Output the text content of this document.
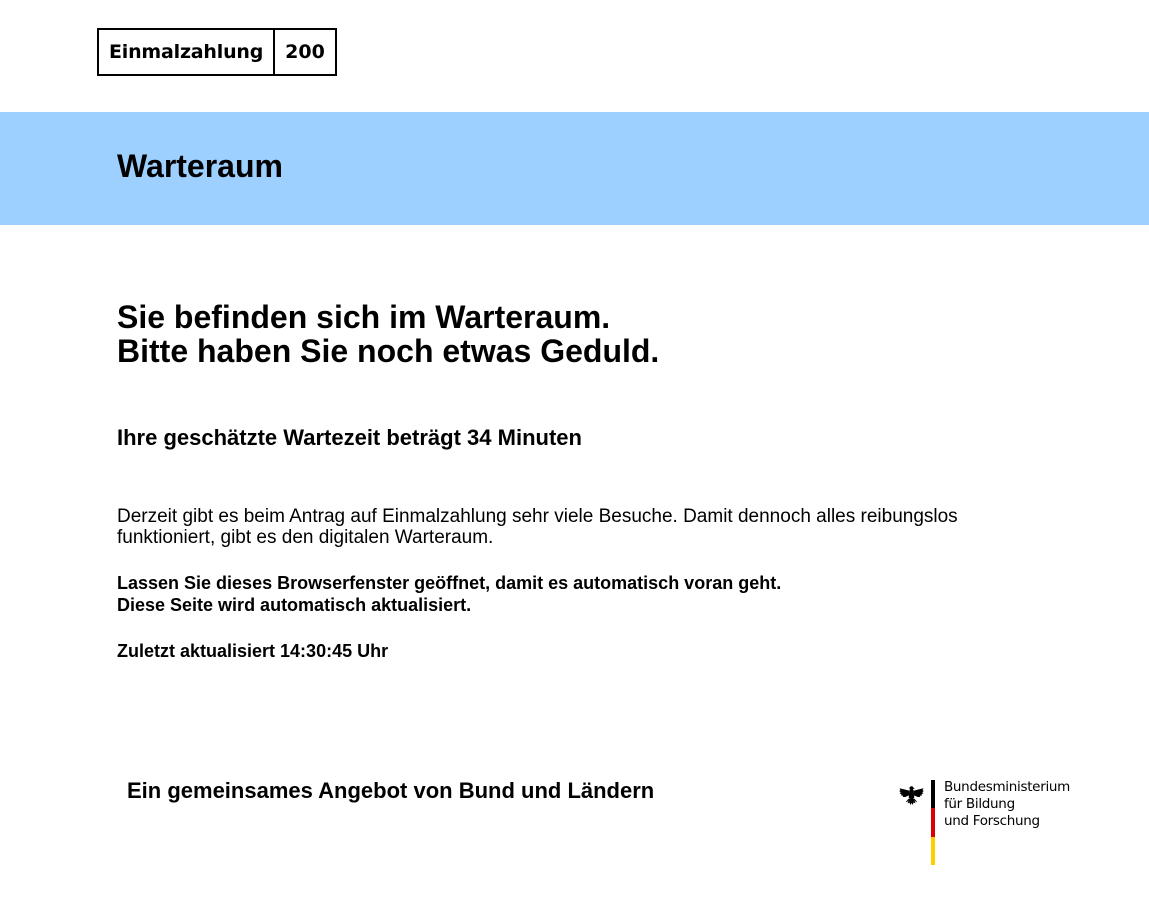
Einmalzahlung	200
Warteraum
Sie befinden sich im Warteraum.
Bitte haben Sie noch etwas Geduld.

Ihre geschätzte Wartezeit beträgt 34 Minuten

Derzeit gibt es beim Antrag auf Einmalzahlung sehr viele Besuche. Damit dennoch alles reibungslos funktioniert, gibt es den digitalen Warteraum.

Lassen Sie dieses Browserfenster geöffnet, damit es automatisch voran geht.
Diese Seite wird automatisch aktualisiert.

Zuletzt aktualisiert 14:30:45 Uhr

Ein gemeinsames Angebot von Bund und Ländern	Bundesministerium
für Bildung
und Forschung
